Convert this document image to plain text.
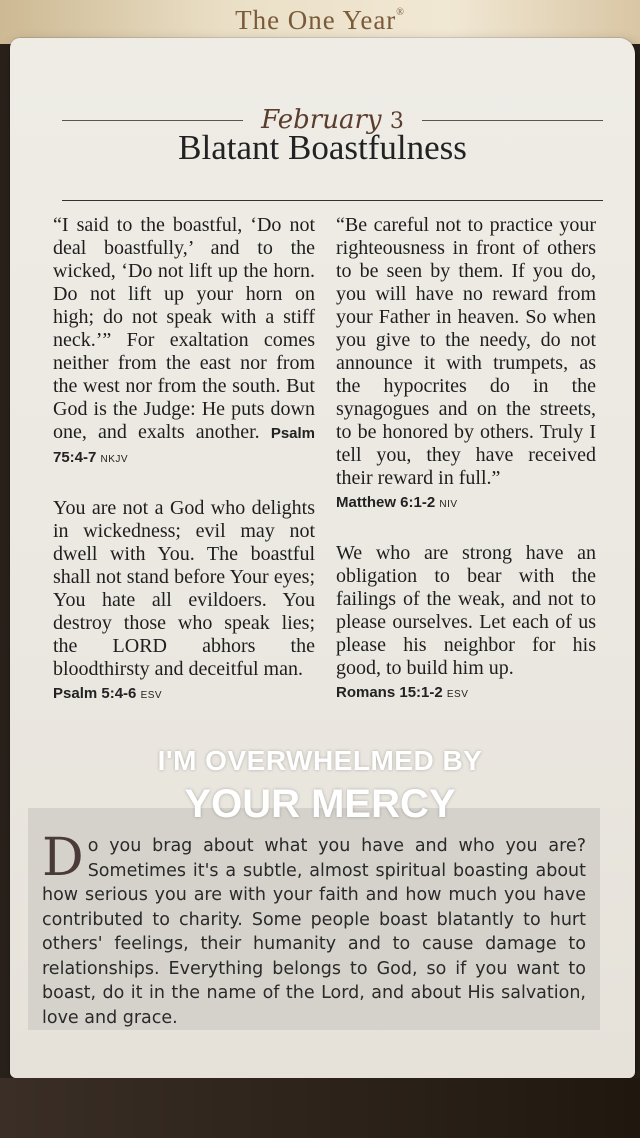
The One Year®
February 3
Blatant Boastfulness

“I said to the boastful, ‘Do not deal boastfully,’ and to the wicked, ‘Do not lift up the horn. Do not lift up your horn on high; do not speak with a stiff neck.’” For exaltation comes neither from the east nor from the west nor from the south. But God is the Judge: He puts down one, and exalts another. Psalm 75:4-7 NKJV

You are not a God who delights in wickedness; evil may not dwell with You. The boastful shall not stand before Your eyes; You hate all evildoers. You destroy those who speak lies; the LORD abhors the bloodthirsty and deceitful man.
Psalm 5:4-6 ESV

“Be careful not to practice your righteousness in front of others to be seen by them. If you do, you will have no reward from your Father in heaven. So when you give to the needy, do not announce it with trumpets, as the hypocrites do in the synagogues and on the streets, to be honored by others. Truly I tell you, they have received their reward in full.”
Matthew 6:1-2 NIV

We who are strong have an obligation to bear with the failings of the weak, and not to please ourselves. Let each of us please his neighbor for his good, to build him up.
Romans 15:1-2 ESV

Do you brag about what you have and who you are? Sometimes it's a subtle, almost spiritual boasting about how serious you are with your faith and how much you have contributed to charity. Some people boast blatantly to hurt others' feelings, their humanity and to cause damage to relationships. Everything belongs to God, so if you want to boast, do it in the name of the Lord, and about His salvation, love and grace.
I'M OVERWHELMED BY
YOUR MERCY
